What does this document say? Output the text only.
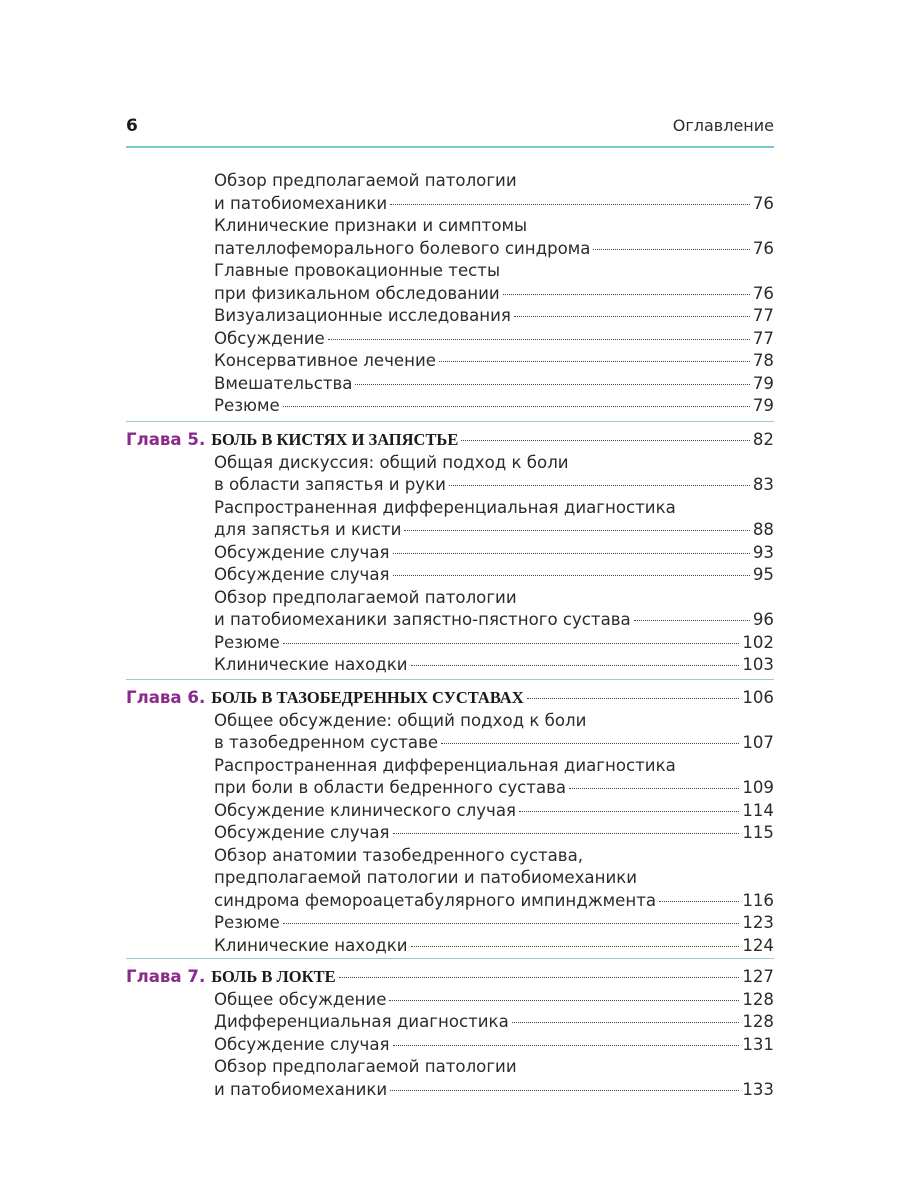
6	Оглавление
Обзор предполагаемой патологии
и патобиомеханики	76
Клинические признаки и симптомы
пателлофеморального болевого синдрома	76
Главные провокационные тесты
при физикальном обследовании	76
Визуализационные исследования	77
Обсуждение	77
Консервативное лечение	78
Вмешательства	79
Резюме	79
Глава 5. БОЛЬ В КИСТЯХ И ЗАПЯСТЬЕ	82
Общая дискуссия: общий подход к боли
в области запястья и руки	83
Распространенная дифференциальная диагностика
для запястья и кисти	88
Обсуждение случая	93
Обсуждение случая	95
Обзор предполагаемой патологии
и патобиомеханики запястно-пястного сустава	96
Резюме	102
Клинические находки	103
Глава 6. БОЛЬ В ТАЗОБЕДРЕННЫХ СУСТАВАХ	106
Общее обсуждение: общий подход к боли
в тазобедренном суставе	107
Распространенная дифференциальная диагностика
при боли в области бедренного сустава	109
Обсуждение клинического случая	114
Обсуждение случая	115
Обзор анатомии тазобедренного сустава,
предполагаемой патологии и патобиомеханики
синдрома фемороацетабулярного импинджмента	116
Резюме	123
Клинические находки	124
Глава 7. БОЛЬ В ЛОКТЕ	127
Общее обсуждение	128
Дифференциальная диагностика	128
Обсуждение случая	131
Обзор предполагаемой патологии
и патобиомеханики	133
